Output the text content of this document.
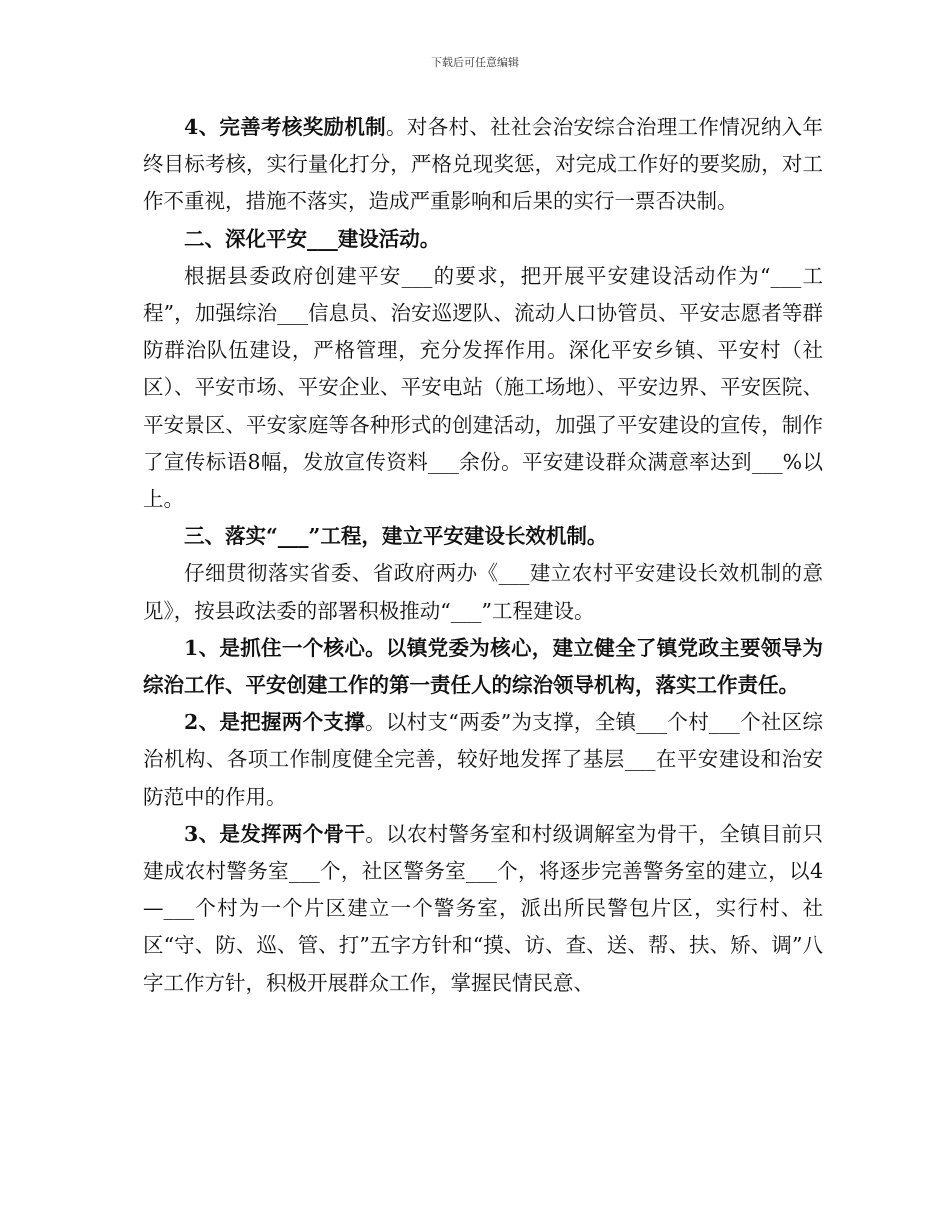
下载后可任意编辑

4、完善考核奖励机制。对各村、社社会治安综合治理工作情况纳入年终目标考核，实行量化打分，严格兑现奖惩，对完成工作好的要奖励，对工作不重视，措施不落实，造成严重影响和后果的实行一票否决制。

二、深化平安___建设活动。

根据县委政府创建平安___的要求，把开展平安建设活动作为“___工程”，加强综治___信息员、治安巡逻队、流动人口协管员、平安志愿者等群防群治队伍建设，严格管理，充分发挥作用。深化平安乡镇、平安村（社区）、平安市场、平安企业、平安电站（施工场地）、平安边界、平安医院、平安景区、平安家庭等各种形式的创建活动，加强了平安建设的宣传，制作了宣传标语8幅，发放宣传资料___余份。平安建设群众满意率达到___%以上。

三、落实“___”工程，建立平安建设长效机制。

仔细贯彻落实省委、省政府两办《___建立农村平安建设长效机制的意见》，按县政法委的部署积极推动“___”工程建设。

1、是抓住一个核心。以镇党委为核心，建立健全了镇党政主要领导为综治工作、平安创建工作的第一责任人的综治领导机构，落实工作责任。

2、是把握两个支撑。以村支“两委”为支撑，全镇___个村___个社区综治机构、各项工作制度健全完善，较好地发挥了基层___在平安建设和治安防范中的作用。

3、是发挥两个骨干。以农村警务室和村级调解室为骨干，全镇目前只建成农村警务室___个，社区警务室___个，将逐步完善警务室的建立，以4—___个村为一个片区建立一个警务室，派出所民警包片区，实行村、社区“守、防、巡、管、打”五字方针和“摸、访、查、送、帮、扶、矫、调”八字工作方针，积极开展群众工作，掌握民情民意、
